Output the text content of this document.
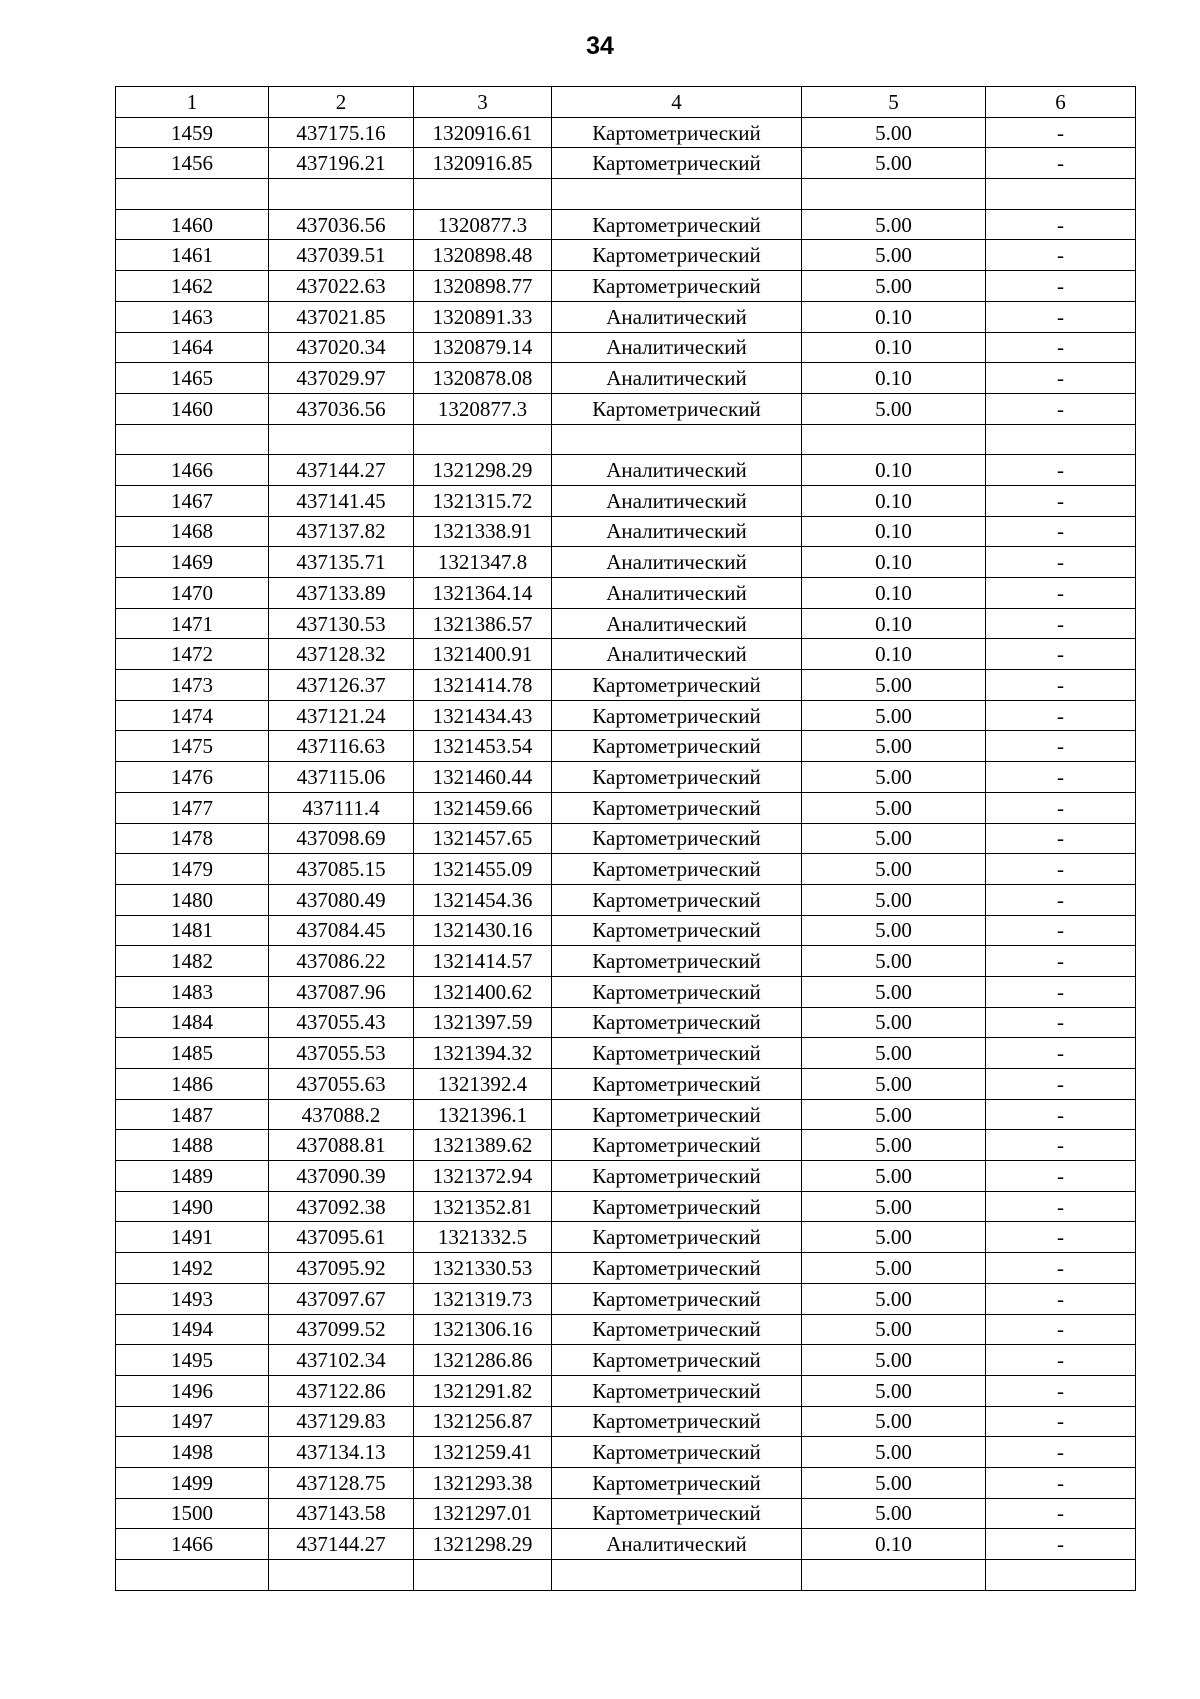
34
1	2	3	4	5	6
1459	437175.16	1320916.61	Картометрический	5.00	-
1456	437196.21	1320916.85	Картометрический	5.00	-

1460	437036.56	1320877.3	Картометрический	5.00	-
1461	437039.51	1320898.48	Картометрический	5.00	-
1462	437022.63	1320898.77	Картометрический	5.00	-
1463	437021.85	1320891.33	Аналитический	0.10	-
1464	437020.34	1320879.14	Аналитический	0.10	-
1465	437029.97	1320878.08	Аналитический	0.10	-
1460	437036.56	1320877.3	Картометрический	5.00	-

1466	437144.27	1321298.29	Аналитический	0.10	-
1467	437141.45	1321315.72	Аналитический	0.10	-
1468	437137.82	1321338.91	Аналитический	0.10	-
1469	437135.71	1321347.8	Аналитический	0.10	-
1470	437133.89	1321364.14	Аналитический	0.10	-
1471	437130.53	1321386.57	Аналитический	0.10	-
1472	437128.32	1321400.91	Аналитический	0.10	-
1473	437126.37	1321414.78	Картометрический	5.00	-
1474	437121.24	1321434.43	Картометрический	5.00	-
1475	437116.63	1321453.54	Картометрический	5.00	-
1476	437115.06	1321460.44	Картометрический	5.00	-
1477	437111.4	1321459.66	Картометрический	5.00	-
1478	437098.69	1321457.65	Картометрический	5.00	-
1479	437085.15	1321455.09	Картометрический	5.00	-
1480	437080.49	1321454.36	Картометрический	5.00	-
1481	437084.45	1321430.16	Картометрический	5.00	-
1482	437086.22	1321414.57	Картометрический	5.00	-
1483	437087.96	1321400.62	Картометрический	5.00	-
1484	437055.43	1321397.59	Картометрический	5.00	-
1485	437055.53	1321394.32	Картометрический	5.00	-
1486	437055.63	1321392.4	Картометрический	5.00	-
1487	437088.2	1321396.1	Картометрический	5.00	-
1488	437088.81	1321389.62	Картометрический	5.00	-
1489	437090.39	1321372.94	Картометрический	5.00	-
1490	437092.38	1321352.81	Картометрический	5.00	-
1491	437095.61	1321332.5	Картометрический	5.00	-
1492	437095.92	1321330.53	Картометрический	5.00	-
1493	437097.67	1321319.73	Картометрический	5.00	-
1494	437099.52	1321306.16	Картометрический	5.00	-
1495	437102.34	1321286.86	Картометрический	5.00	-
1496	437122.86	1321291.82	Картометрический	5.00	-
1497	437129.83	1321256.87	Картометрический	5.00	-
1498	437134.13	1321259.41	Картометрический	5.00	-
1499	437128.75	1321293.38	Картометрический	5.00	-
1500	437143.58	1321297.01	Картометрический	5.00	-
1466	437144.27	1321298.29	Аналитический	0.10	-
